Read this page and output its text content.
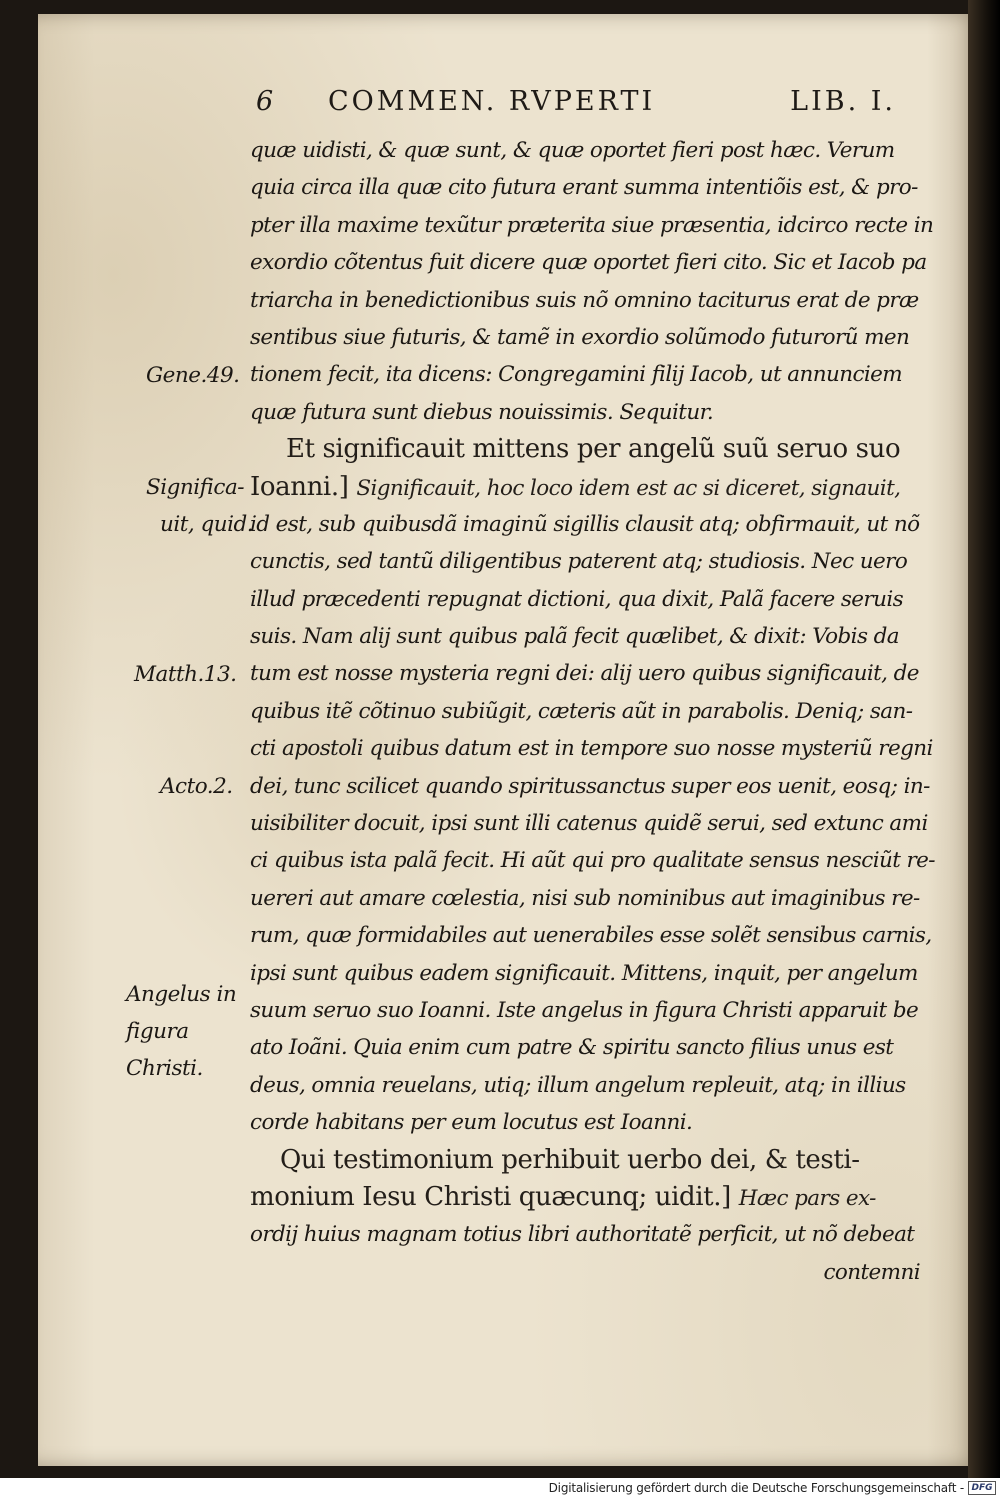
6 COMMEN. RVPERTI	LIB. I.
Gene.49.
Significa-
uit, quid.
Matth.13.
Acto.2.
Angelus in
figura
Christi.
quæ uidisti, & quæ sunt, & quæ oportet fieri post hæc. Verum
quia circa illa quæ cito futura erant summa intentiõis est, & pro-
pter illa maxime texũtur præterita siue præsentia, idcirco recte in
exordio cõtentus fuit dicere quæ oportet fieri cito. Sic et Iacob pa
triarcha in benedictionibus suis nõ omnino taciturus erat de præ
sentibus siue futuris, & tamẽ in exordio solũmodo futurorũ men
tionem fecit, ita dicens: Congregamini filij Iacob, ut annunciem
quæ futura sunt diebus nouissimis. Sequitur.
Et significauit mittens per angelũ suũ seruo suo
Ioanni.] Significauit, hoc loco idem est ac si diceret, signauit,
id est, sub quibusdã imaginũ sigillis clausit atq; obfirmauit, ut nõ
cunctis, sed tantũ diligentibus paterent atq; studiosis. Nec uero
illud præcedenti repugnat dictioni, qua dixit, Palã facere seruis
suis. Nam alij sunt quibus palã fecit quælibet, & dixit: Vobis da
tum est nosse mysteria regni dei: alij uero quibus significauit, de
quibus itẽ cõtinuo subiũgit, cæteris aũt in parabolis. Deniq; san-
cti apostoli quibus datum est in tempore suo nosse mysteriũ regni
dei, tunc scilicet quando spiritussanctus super eos uenit, eosq; in-
uisibiliter docuit, ipsi sunt illi catenus quidẽ serui, sed extunc ami
ci quibus ista palã fecit. Hi aũt qui pro qualitate sensus nesciũt re-
uereri aut amare cœlestia, nisi sub nominibus aut imaginibus re-
rum, quæ formidabiles aut uenerabiles esse solẽt sensibus carnis,
ipsi sunt quibus eadem significauit. Mittens, inquit, per angelum
suum seruo suo Ioanni. Iste angelus in figura Christi apparuit be
ato Ioãni. Quia enim cum patre & spiritu sancto filius unus est
deus, omnia reuelans, utiq; illum angelum repleuit, atq; in illius
corde habitans per eum locutus est Ioanni.
Qui testimonium perhibuit uerbo dei, & testi-
monium Iesu Christi quæcunq; uidit.] Hæc pars ex-
ordij huius magnam totius libri authoritatẽ perficit, ut nõ debeat
contemni
Digitalisierung gefördert durch die Deutsche Forschungsgemeinschaft - DFG
